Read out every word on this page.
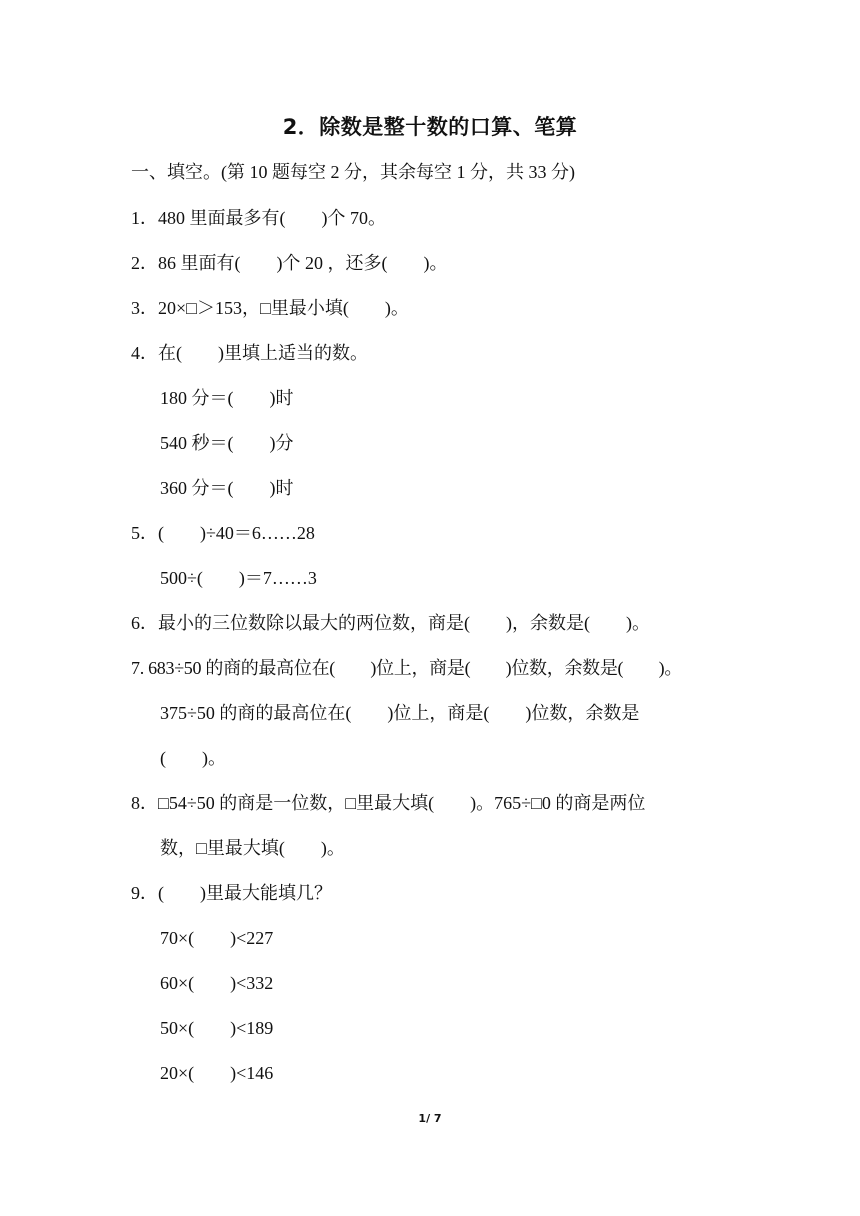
2．除数是整十数的口算、笔算
一、填空。(第 10 题每空 2 分，其余每空 1 分，共 33 分)
1．480 里面最多有(　　)个 70。
2．86 里面有(　　)个 20 ，还多(　　)。
3．20×□＞153，□里最小填(　　)。
4．在(　　)里填上适当的数。
180 分＝(　　)时
540 秒＝(　　)分
360 分＝(　　)时
5．(　　)÷40＝6……28
500÷(　　)＝7……3
6．最小的三位数除以最大的两位数，商是(　　)，余数是(　　)。
7. 683÷50 的商的最高位在(　　)位上，商是(　　)位数，余数是(　　)。
375÷50 的商的最高位在(　　)位上，商是(　　)位数，余数是
(　　)。
8．□54÷50 的商是一位数，□里最大填(　　)。765÷□0 的商是两位
数，□里最大填(　　)。
9．(　　)里最大能填几？
70×(　　)<227
60×(　　)<332
50×(　　)<189
20×(　　)<146
1/ 7
